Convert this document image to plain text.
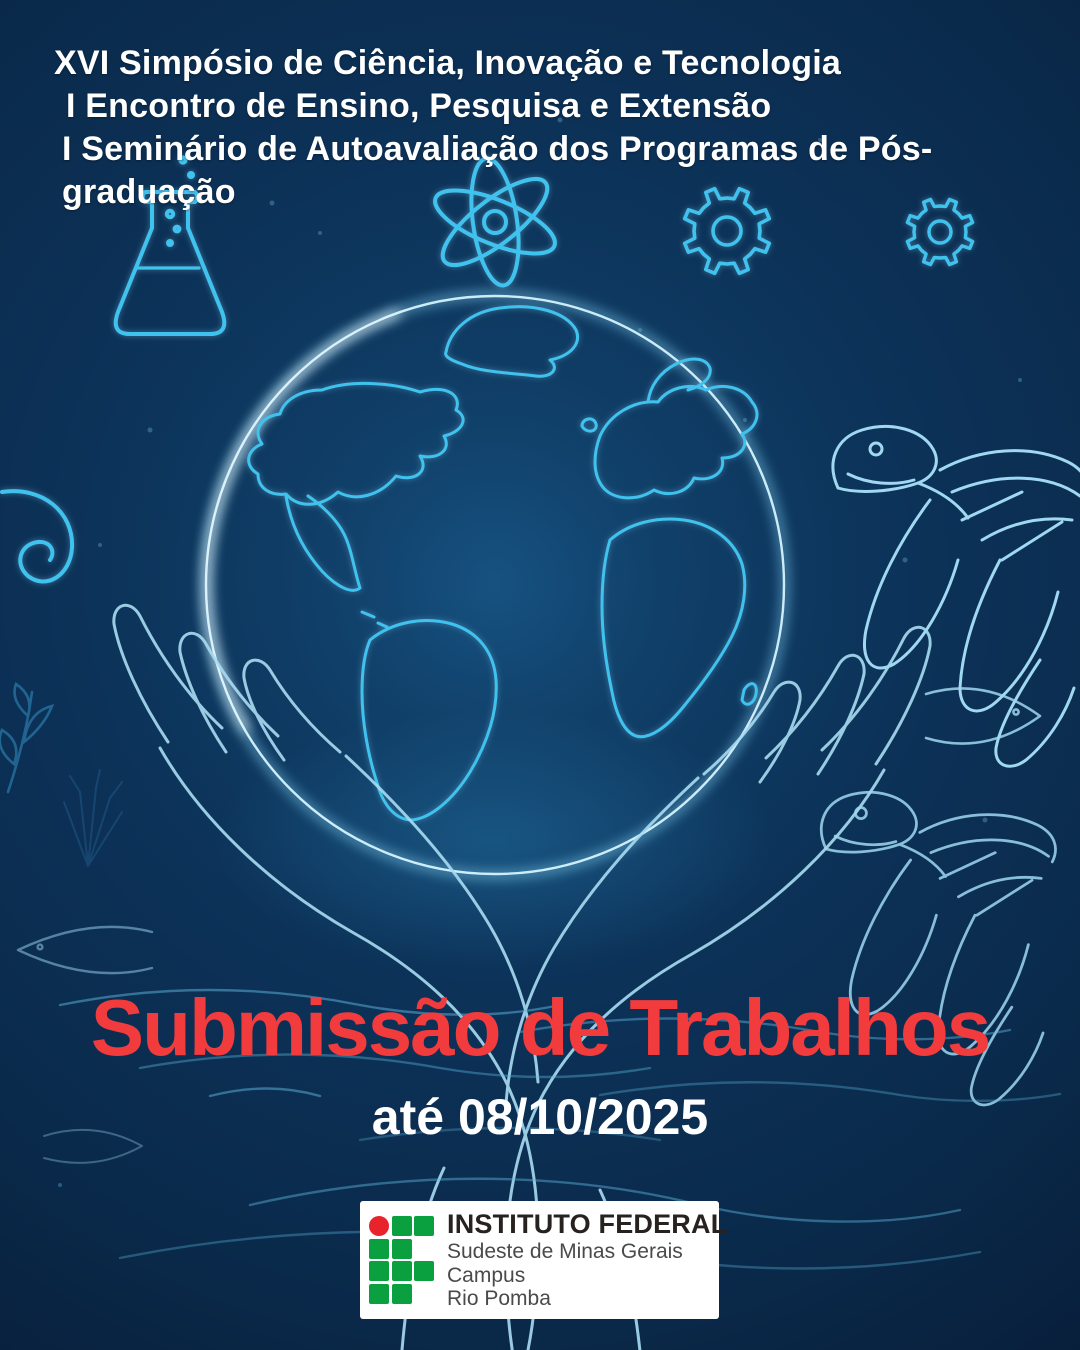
XVI Simpósio de Ciência, Inovação e Tecnologia
I Encontro de Ensino, Pesquisa e Extensão
I Seminário de Autoavaliação dos Programas de Pós-graduação
Submissão de Trabalhos
até 08/10/2025
INSTITUTO FEDERAL
Sudeste de Minas Gerais
Campus
Rio Pomba
